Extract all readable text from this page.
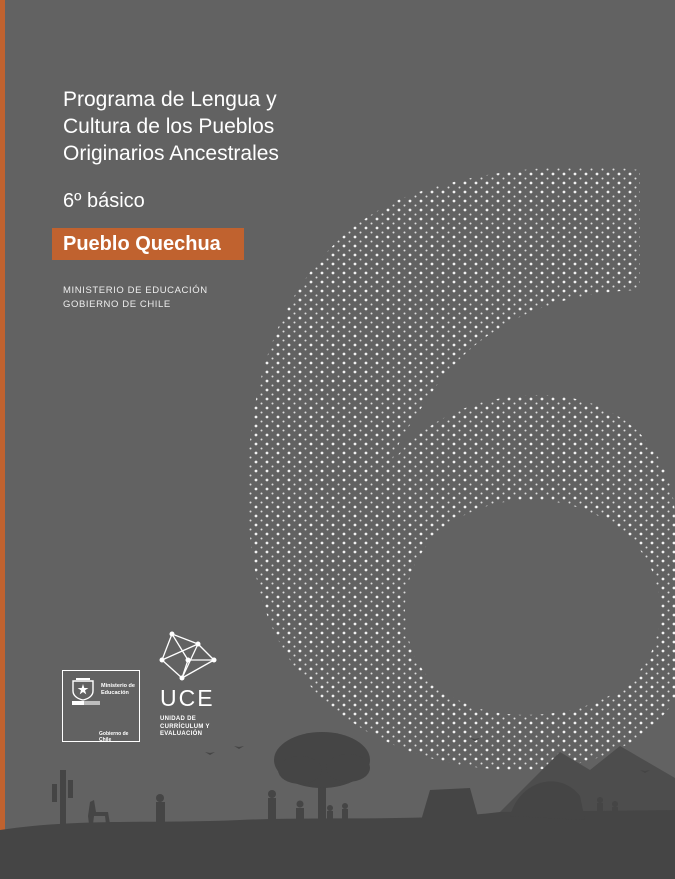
Programa de Lengua y
Cultura de los Pueblos
Originarios Ancestrales
6º básico
Pueblo Quechua
MINISTERIO DE EDUCACIÓN
GOBIERNO DE CHILE
Ministerio de Educación
Gobierno de Chile
UCE
UNIDAD DE
CURRÍCULUM Y
EVALUACIÓN
